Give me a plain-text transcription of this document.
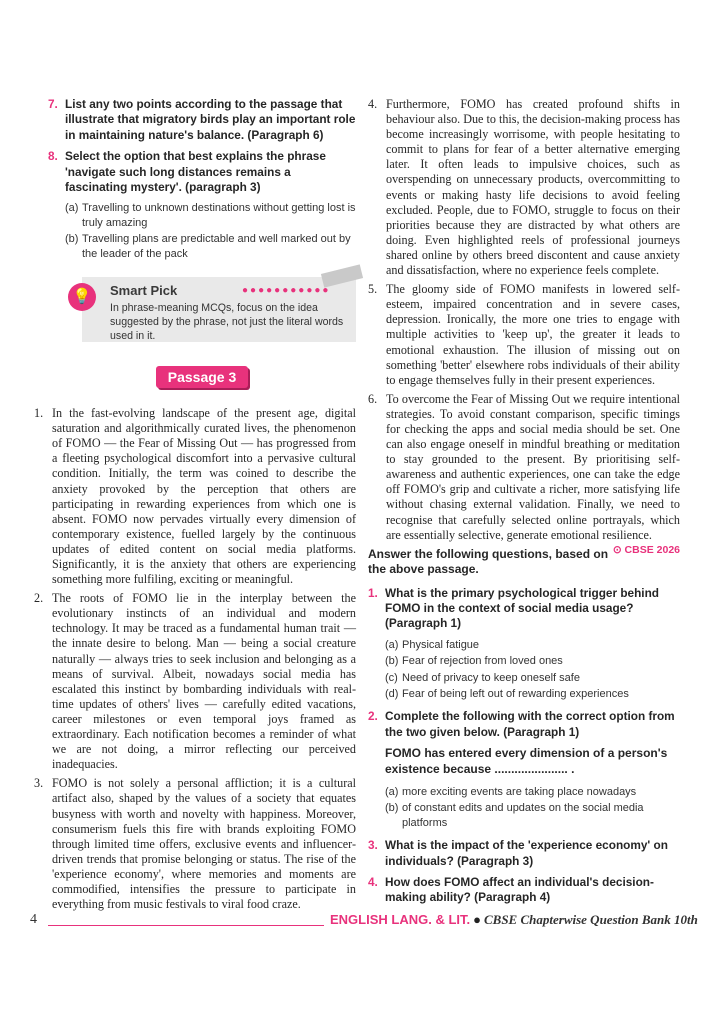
7. List any two points according to the passage that illustrate that migratory birds play an important role in maintaining nature's balance. (Paragraph 6)
8. Select the option that best explains the phrase 'navigate such long distances remains a fascinating mystery'. (paragraph 3)
(a) Travelling to unknown destinations without getting lost is truly amazing
(b) Travelling plans are predictable and well marked out by the leader of the pack
💡	Smart Pick	●●●●●●●●●●●
In phrase-meaning MCQs, focus on the idea suggested by the phrase, not just the literal words used in it.
Passage 3
1. In the fast-evolving landscape of the present age, digital saturation and algorithmically curated lives, the phenomenon of FOMO — the Fear of Missing Out — has progressed from a fleeting psychological discomfort into a pervasive cultural condition. Initially, the term was coined to describe the anxiety provoked by the perception that others are participating in rewarding experiences from which one is absent. FOMO now pervades virtually every dimension of contemporary existence, fuelled largely by the continuous updates of edited content on social media platforms. Significantly, it is the anxiety that others are experiencing something more fulfiling, exciting or meaningful.
2. The roots of FOMO lie in the interplay between the evolutionary instincts of an individual and modern technology. It may be traced as a fundamental human trait — the innate desire to belong. Man — being a social creature naturally — always tries to seek inclusion and belonging as a means of survival. Albeit, nowadays social media has escalated this instinct by bombarding individuals with real-time updates of others' lives — carefully edited vacations, career milestones or even temporal joys framed as extraordinary. Each notification becomes a reminder of what we are not doing, a mirror reflecting our perceived inadequacies.
3. FOMO is not solely a personal affliction; it is a cultural artifact also, shaped by the values of a society that equates busyness with worth and novelty with happiness. Moreover, consumerism fuels this fire with brands exploiting FOMO through limited time offers, exclusive events and influencer-driven trends that promise belonging or status. The rise of the 'experience economy', where memories and moments are commodified, intensifies the pressure to participate in everything from music festivals to viral food craze.
4. Furthermore, FOMO has created profound shifts in behaviour also. Due to this, the decision-making process has become increasingly worrisome, with people hesitating to commit to plans for fear of a better alternative emerging later. It often leads to impulsive choices, such as overspending on unnecessary products, overcommitting to events or making hasty life decisions to avoid feeling excluded. People, due to FOMO, struggle to focus on their priorities because they are distracted by what others are doing. Even highlighted reels of professional journeys shared online by others breed discontent and cause anxiety and dissatisfaction, where no experience feels complete.
5. The gloomy side of FOMO manifests in lowered self-esteem, impaired concentration and in severe cases, depression. Ironically, the more one tries to engage with multiple activities to 'keep up', the greater it leads to emotional exhaustion. The illusion of missing out on something 'better' elsewhere robs individuals of their ability to engage themselves fully in their present experiences.
6. To overcome the Fear of Missing Out we require intentional strategies. To avoid constant comparison, specific timings for checking the apps and social media should be set. One can also engage oneself in mindful breathing or meditation to stay grounded to the present. By prioritising self-awareness and authentic experiences, one can take the edge off FOMO's grip and cultivate a richer, more satisfying life without chasing external validation. Finally, we need to recognise that carefully selected online portrayals, which are essentially selective, generate emotional resilience.
⊙ CBSE 2026
Answer the following questions, based on the above passage.
1. What is the primary psychological trigger behind FOMO in the context of social media usage? (Paragraph 1)
(a) Physical fatigue
(b) Fear of rejection from loved ones
(c) Need of privacy to keep oneself safe
(d) Fear of being left out of rewarding experiences
2. Complete the following with the correct option from the two given below. (Paragraph 1)
FOMO has entered every dimension of a person's existence because ...................... .
(a) more exciting events are taking place nowadays
(b) of constant edits and updates on the social media platforms
3. What is the impact of the 'experience economy' on individuals? (Paragraph 3)
4. How does FOMO affect an individual's decision-making ability? (Paragraph 4)
4	ENGLISH LANG. & LIT. ● CBSE Chapterwise Question Bank 10th
